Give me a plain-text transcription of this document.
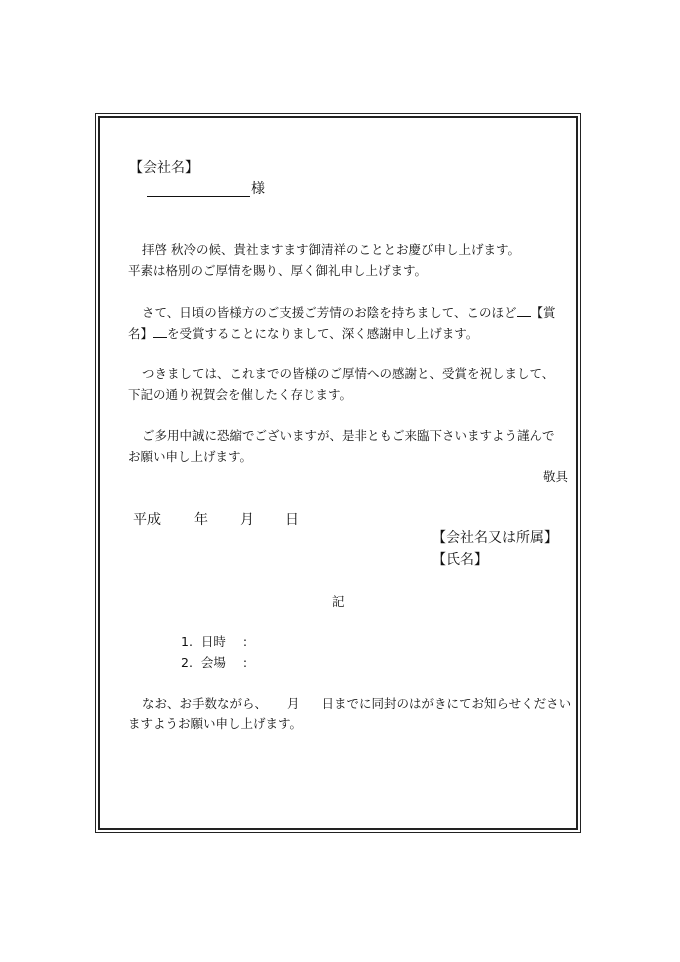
【会社名】
様
拝啓 秋冷の候、貴社ますます御清祥のこととお慶び申し上げます。
平素は格別のご厚情を賜り、厚く御礼申し上げます。
さて、日頃の皆様方のご支援ご芳情のお陰を持ちまして、このほど 【賞
名】 を受賞することになりまして、深く感謝申し上げます。
つきましては、これまでの皆様のご厚情への感謝と、受賞を祝しまして、
下記の通り祝賀会を催したく存じます。
ご多用中誠に恐縮でございますが、是非ともご来臨下さいますよう謹んで
お願い申し上げます。
敬具
平成 年 月 日
【会社名又は所属】
【氏名】
記
1. 日時 :
2. 会場 :
なお、お手数ながら、 月 日までに同封のはがきにてお知らせください
ますようお願い申し上げます。
